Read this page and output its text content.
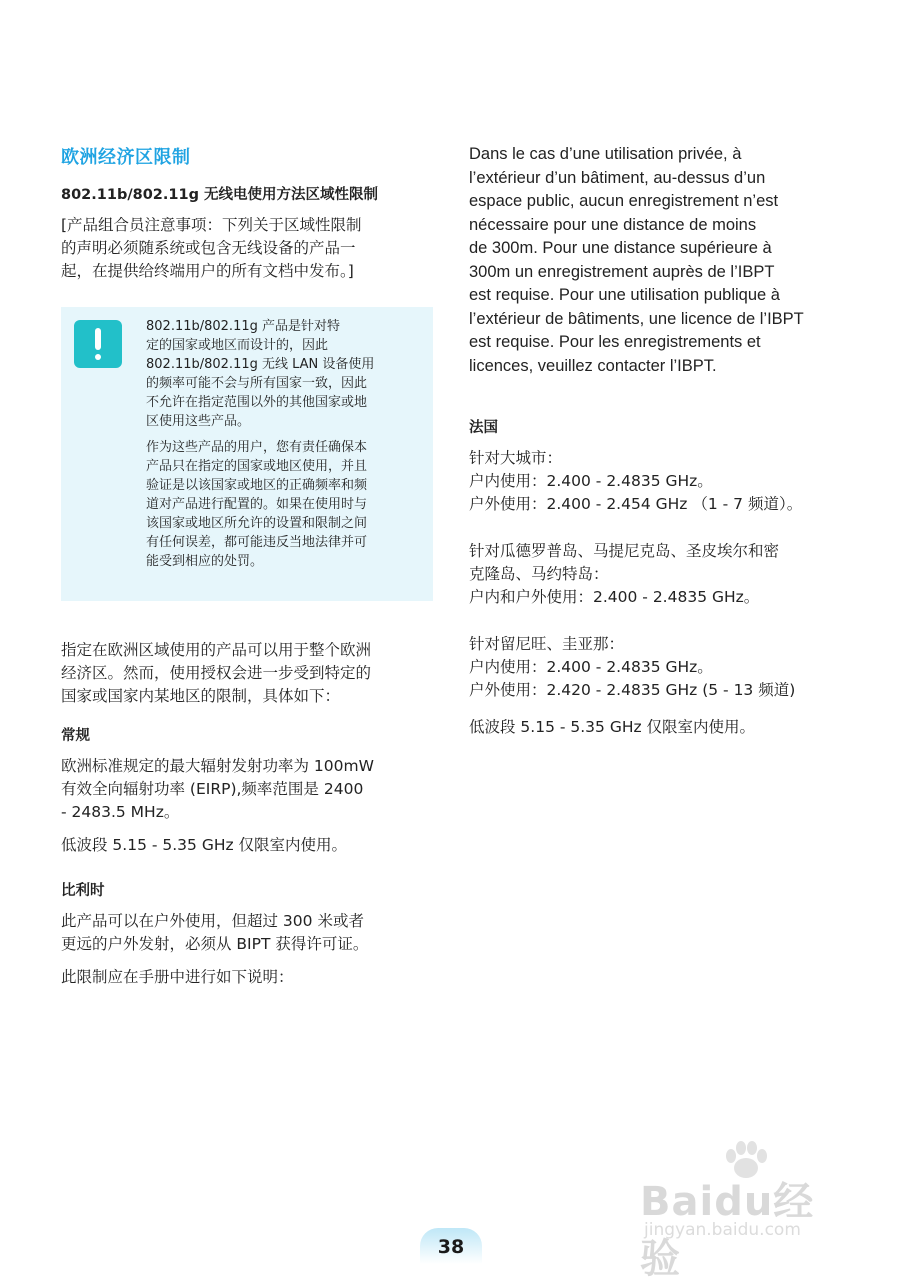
欧洲经济区限制
802.11b/802.11g 无线电使用方法区域性限制
[产品组合员注意事项：下列关于区域性限制
的声明必须随系统或包含无线设备的产品一
起，在提供给终端用户的所有文档中发布。]
802.11b/802.11g 产品是针对特
定的国家或地区而设计的，因此
802.11b/802.11g 无线 LAN 设备使用
的频率可能不会与所有国家一致，因此
不允许在指定范围以外的其他国家或地
区使用这些产品。
作为这些产品的用户，您有责任确保本
产品只在指定的国家或地区使用，并且
验证是以该国家或地区的正确频率和频
道对产品进行配置的。如果在使用时与
该国家或地区所允许的设置和限制之间
有任何误差，都可能违反当地法律并可
能受到相应的处罚。
指定在欧洲区域使用的产品可以用于整个欧洲
经济区。然而，使用授权会进一步受到特定的
国家或国家内某地区的限制，具体如下：
常规
欧洲标准规定的最大辐射发射功率为 100mW
有效全向辐射功率 (EIRP),频率范围是 2400
- 2483.5 MHz。
低波段 5.15 - 5.35 GHz 仅限室内使用。
比利时
此产品可以在户外使用，但超过 300 米或者
更远的户外发射，必须从 BIPT 获得许可证。
此限制应在手册中进行如下说明：
Dans le cas d’une utilisation privée, à
l’extérieur d’un bâtiment, au-dessus d’un
espace public, aucun enregistrement n’est
nécessaire pour une distance de moins
de 300m. Pour une distance supérieure à
300m un enregistrement auprès de l’IBPT
est requise. Pour une utilisation publique à
l’extérieur de bâtiments, une licence de l’IBPT
est requise. Pour les enregistrements et
licences, veuillez contacter l’IBPT.
法国
针对大城市：
户内使用：2.400 - 2.4835 GHz。
户外使用：2.400 - 2.454 GHz （1 - 7 频道）。
针对瓜德罗普岛、马提尼克岛、圣皮埃尔和密
克隆岛、马约特岛：
户内和户外使用：2.400 - 2.4835 GHz。
针对留尼旺、圭亚那：
户内使用：2.400 - 2.4835 GHz。
户外使用：2.420 - 2.4835 GHz (5 - 13 频道)
低波段 5.15 - 5.35 GHz 仅限室内使用。
Baidu经验
jingyan.baidu.com
38
